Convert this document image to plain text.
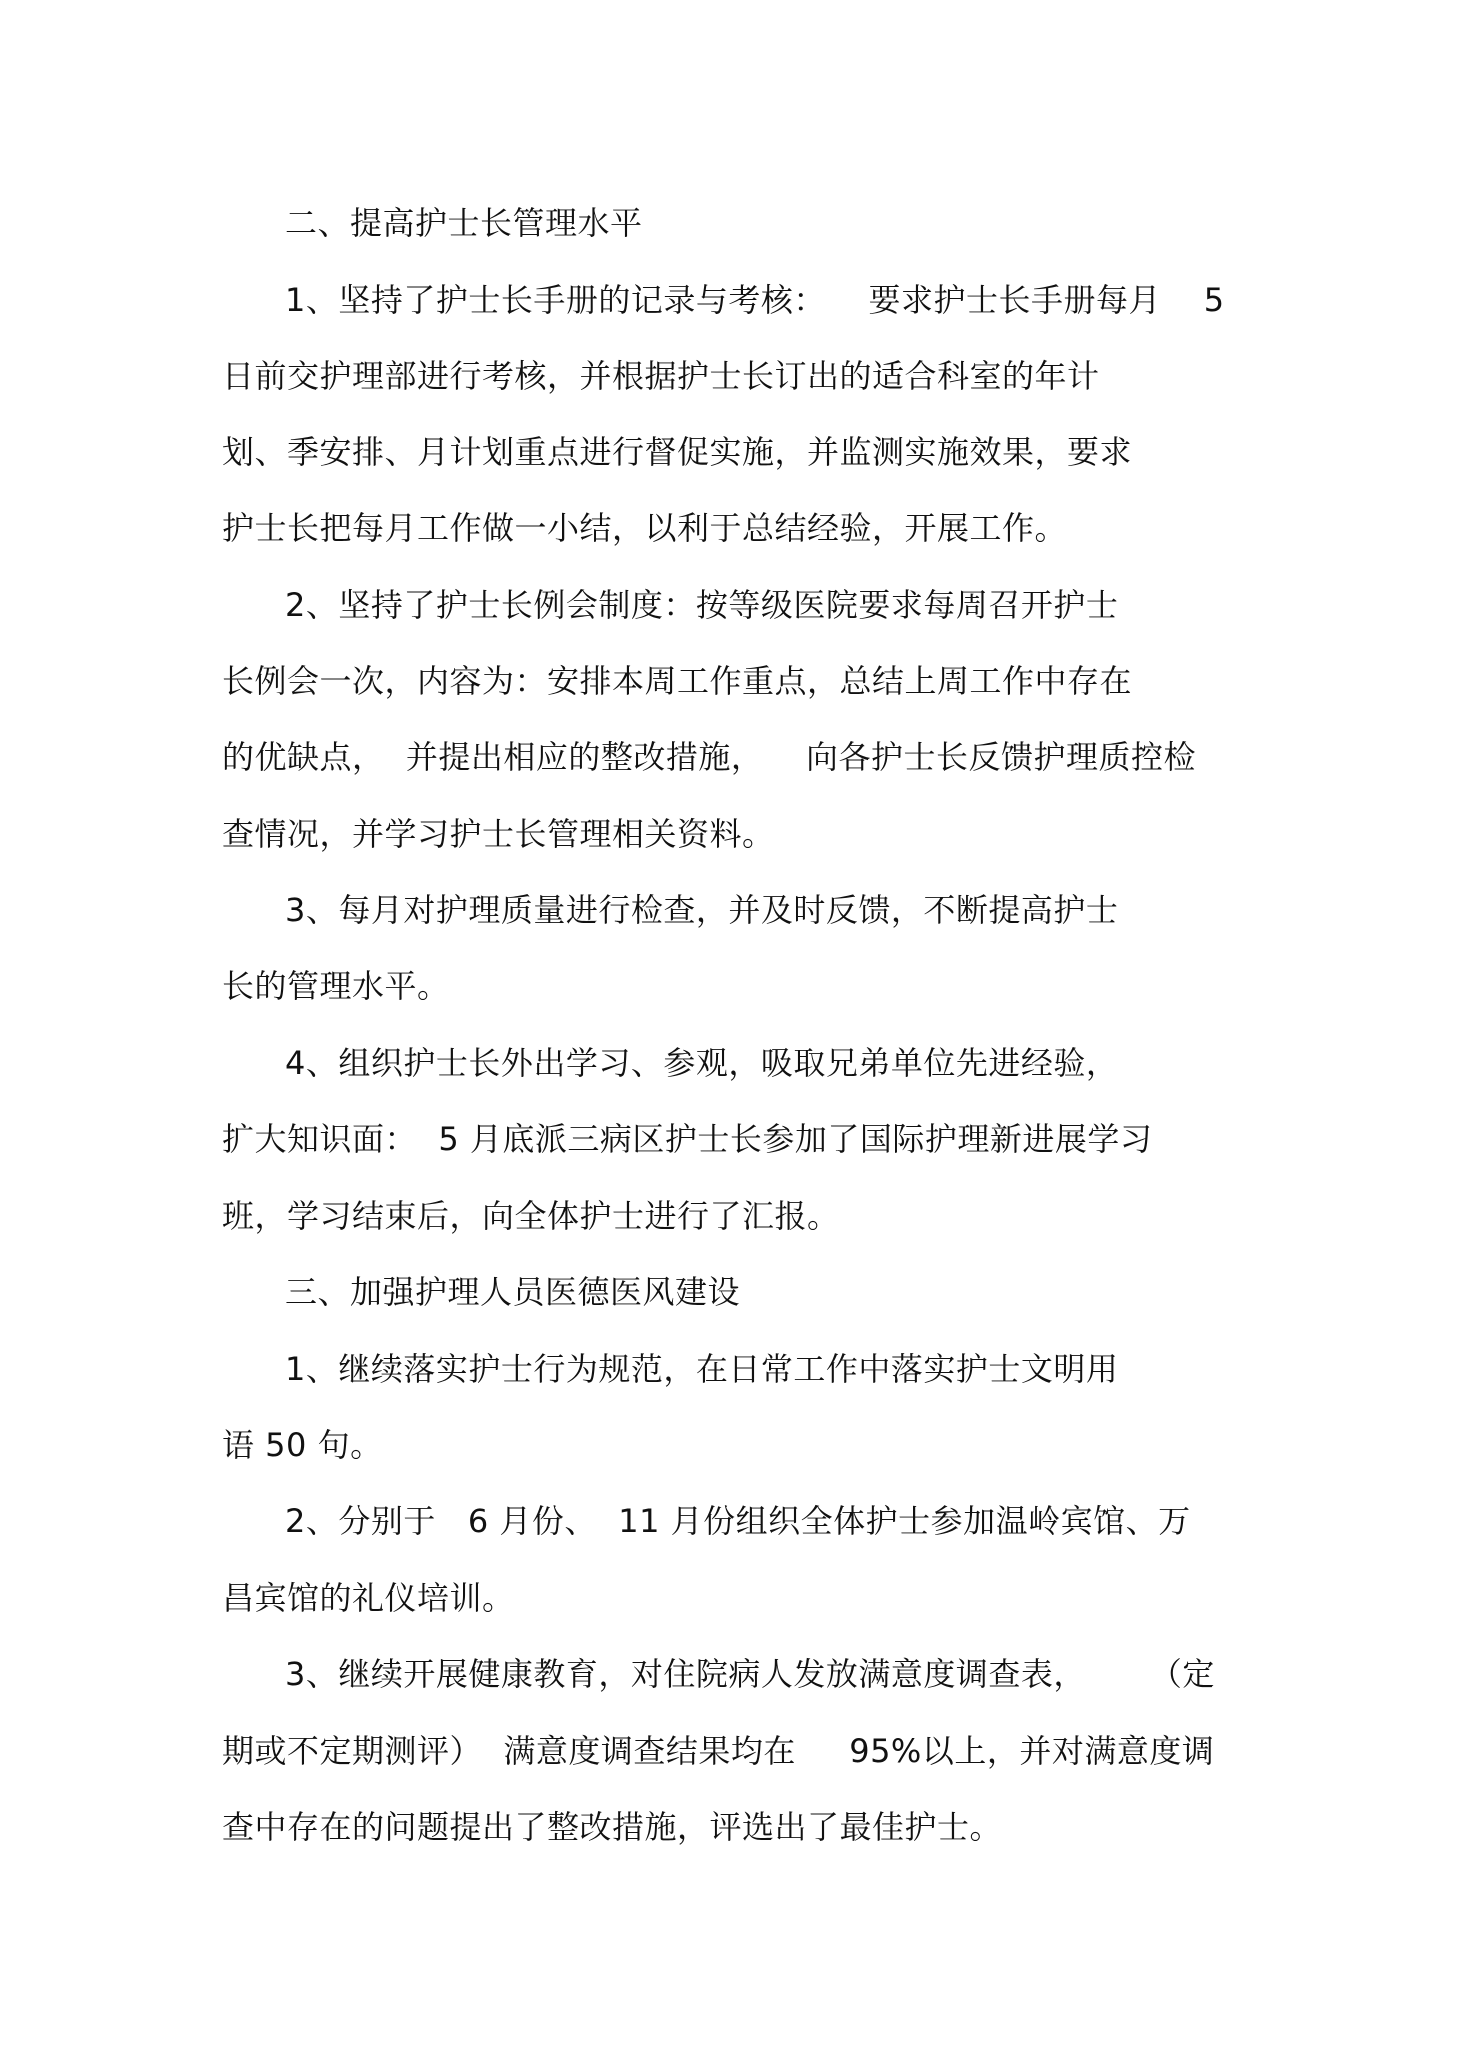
二、提高护士长管理水平
1、坚持了护士长手册的记录与考核：    要求护士长手册每月    5
日前交护理部进行考核，并根据护士长订出的适合科室的年计
划、季安排、月计划重点进行督促实施，并监测实施效果，要求
护士长把每月工作做一小结，以利于总结经验，开展工作。
2、坚持了护士长例会制度：按等级医院要求每周召开护士
长例会一次，内容为：安排本周工作重点，总结上周工作中存在
的优缺点，  并提出相应的整改措施，    向各护士长反馈护理质控检
查情况，并学习护士长管理相关资料。
3、每月对护理质量进行检查，并及时反馈，不断提高护士
长的管理水平。
4、组织护士长外出学习、参观，吸取兄弟单位先进经验，
扩大知识面：  5 月底派三病区护士长参加了国际护理新进展学习
班，学习结束后，向全体护士进行了汇报。
三、加强护理人员医德医风建设
1、继续落实护士行为规范，在日常工作中落实护士文明用
语 50 句。
2、分别于   6 月份、  11 月份组织全体护士参加温岭宾馆、万
昌宾馆的礼仪培训。
3、继续开展健康教育，对住院病人发放满意度调查表，      （定
期或不定期测评）  满意度调查结果均在     95%以上，并对满意度调
查中存在的问题提出了整改措施，评选出了最佳护士。
